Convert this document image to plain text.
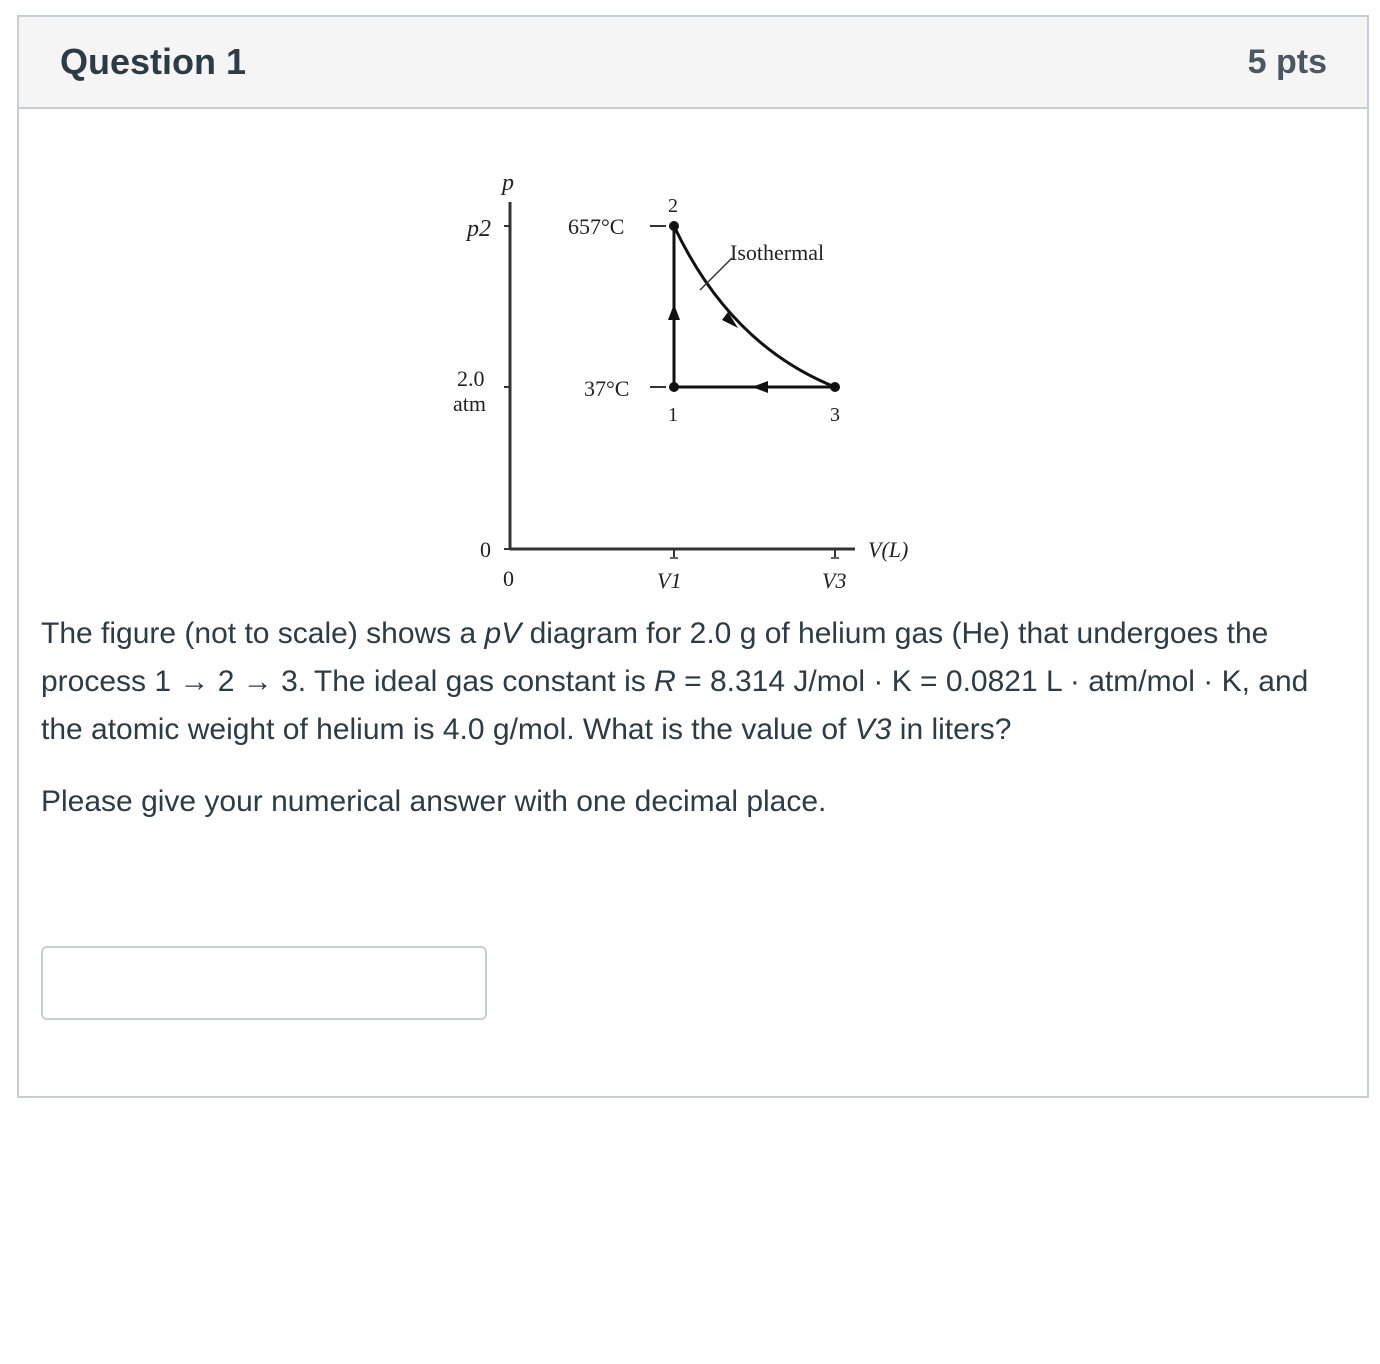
Question 1	5 pts
p
p2
2.0
atm
0
0	V1	V3
V(L)
1
2
3
657°C
37°C
Isothermal

The figure (not to scale) shows a pV diagram for 2.0 g of helium gas (He) that undergoes the process 1 → 2 → 3. The ideal gas constant is R = 8.314 J/mol · K = 0.0821 L · atm/mol · K, and the atomic weight of helium is 4.0 g/mol. What is the value of V3 in liters?

Please give your numerical answer with one decimal place.
